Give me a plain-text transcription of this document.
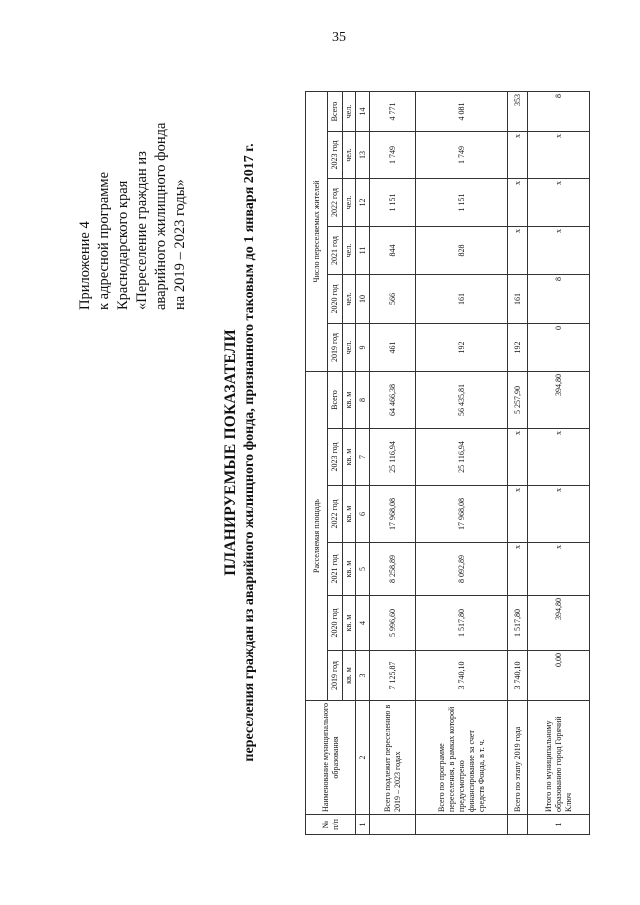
35
Приложение 4 к адресной программе Краснодарского края «Переселение граждан из аварийного жилищного фонда на 2019 – 2023 годы»
ПЛАНИРУЕМЫЕ ПОКАЗАТЕЛИ переселения граждан из аварийного жилищного фонда, признанного таковым до 1 января 2017 г.
№ п/п	Наименование муниципального образования	Расселяемая площадь						Число переселяемых жителей					
		2019 год	2020 год	2021 год	2022 год	2023 год	Всего	2019 год	2020 год	2021 год	2022 год	2023 год	Всего
		кв. м	кв. м	кв. м	кв. м	кв. м	кв. м	чел.	чел.	чел.	чел.	чел.	чел.
1	2	3	4	5	6	7	8	9	10	11	12	13	14
	Всего подлежит переселению в 2019 – 2023 годах	7 125,87	5 996,60	8 258,89	17 968,08	25 116,94	64 466,38	461	566	844	1 151	1 749	4 771
	Всего по программе переселения, в рамках которой предусмотрено финансирование за счет средств Фонда, в т. ч.	3 740,10	1 517,80	8 092,89	17 968,08	25 116,94	56 435,81	192	161	828	1 151	1 749	4 081
	Всего по этапу 2019 года	3 740,10	1 517,80	х	х	х	5 257,90	192	161	х	х	х	353
1	Итого по муниципальному образованию город Горячий Ключ	0,00	394,80	х	х	х	394,80	0	8	х	х	х	8
